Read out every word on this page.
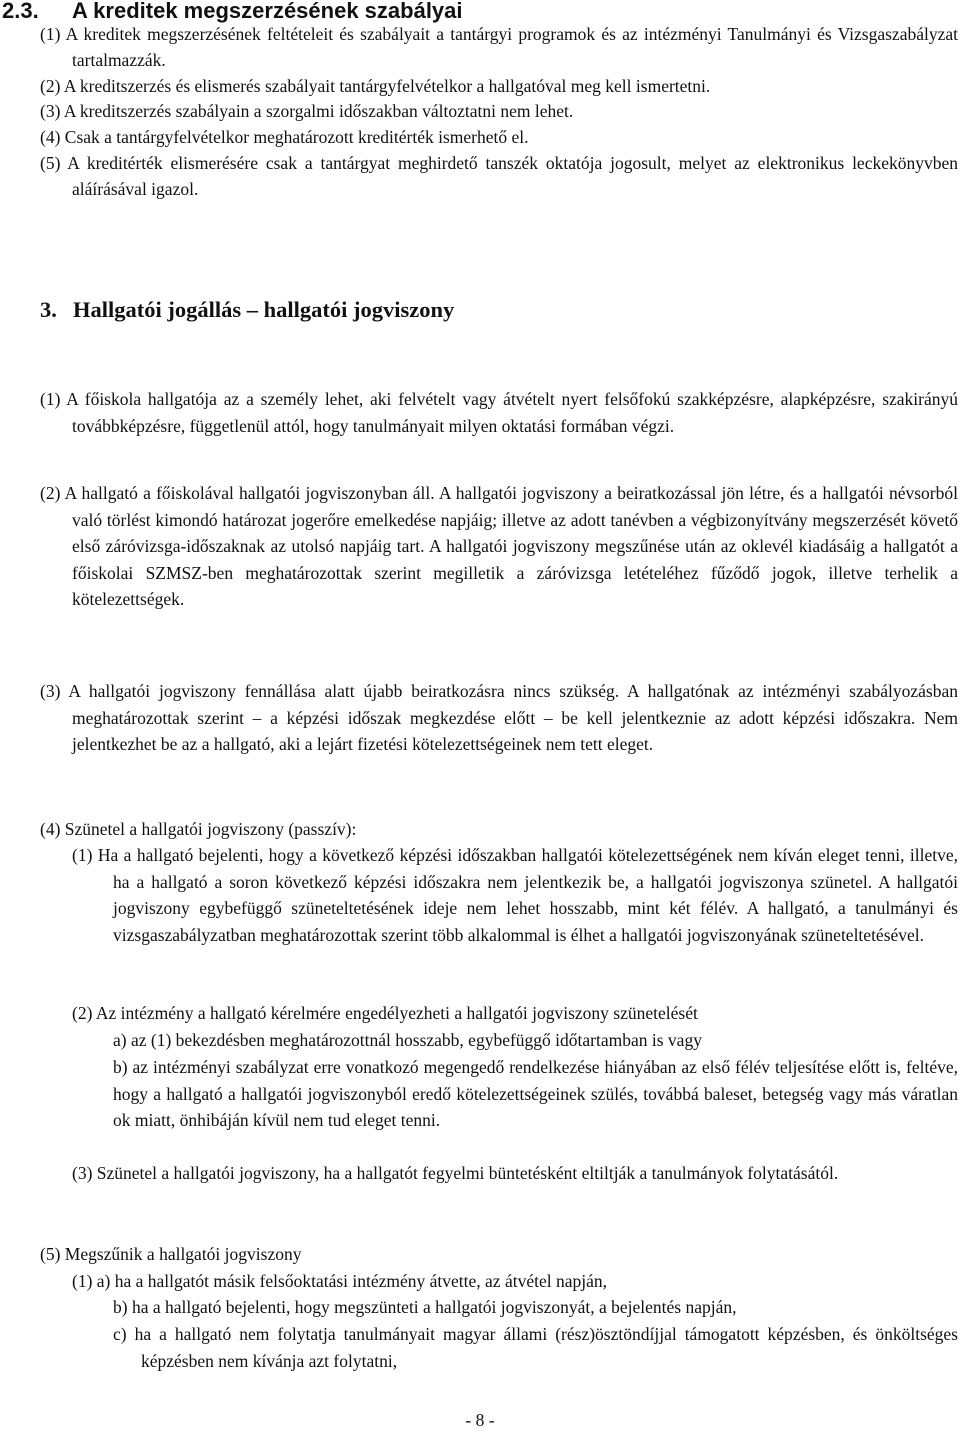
2.3. A kreditek megszerzésének szabályai

(1) A kreditek megszerzésének feltételeit és szabályait a tantárgyi programok és az intézményi Tanulmányi és Vizsgaszabályzat tartalmazzák.

(2) A kreditszerzés és elismerés szabályait tantárgyfelvételkor a hallgatóval meg kell ismertetni.

(3) A kreditszerzés szabályain a szorgalmi időszakban változtatni nem lehet.

(4) Csak a tantárgyfelvételkor meghatározott kreditérték ismerhető el.

(5) A kreditérték elismerésére csak a tantárgyat meghirdető tanszék oktatója jogosult, melyet az elektronikus leckekönyvben aláírásával igazol.

3. Hallgatói jogállás – hallgatói jogviszony

(1) A főiskola hallgatója az a személy lehet, aki felvételt vagy átvételt nyert felsőfokú szakképzésre, alapképzésre, szakirányú továbbképzésre, függetlenül attól, hogy tanulmányait milyen oktatási formában végzi.

(2) A hallgató a főiskolával hallgatói jogviszonyban áll. A hallgatói jogviszony a beiratkozással jön létre, és a hallgatói névsorból való törlést kimondó határozat jogerőre emelkedése napjáig; illetve az adott tanévben a végbizonyítvány megszerzését követő első záróvizsga-időszaknak az utolsó napjáig tart. A hallgatói jogviszony megszűnése után az oklevél kiadásáig a hallgatót a főiskolai SZMSZ-ben meghatározottak szerint megilletik a záróvizsga letételéhez fűződő jogok, illetve terhelik a kötelezettségek.

(3) A hallgatói jogviszony fennállása alatt újabb beiratkozásra nincs szükség. A hallgatónak az intézményi szabályozásban meghatározottak szerint – a képzési időszak megkezdése előtt – be kell jelentkeznie az adott képzési időszakra. Nem jelentkezhet be az a hallgató, aki a lejárt fizetési kötelezettségeinek nem tett eleget.

(4) Szünetel a hallgatói jogviszony (passzív):

(1) Ha a hallgató bejelenti, hogy a következő képzési időszakban hallgatói kötelezettségének nem kíván eleget tenni, illetve, ha a hallgató a soron következő képzési időszakra nem jelentkezik be, a hallgatói jogviszonya szünetel. A hallgatói jogviszony egybefüggő szüneteltetésének ideje nem lehet hosszabb, mint két félév. A hallgató, a tanulmányi és vizsgaszabályzatban meghatározottak szerint több alkalommal is élhet a hallgatói jogviszonyának szüneteltetésével.

(2) Az intézmény a hallgató kérelmére engedélyezheti a hallgatói jogviszony szünetelését

a) az (1) bekezdésben meghatározottnál hosszabb, egybefüggő időtartamban is vagy

b) az intézményi szabályzat erre vonatkozó megengedő rendelkezése hiányában az első félév teljesítése előtt is, feltéve, hogy a hallgató a hallgatói jogviszonyból eredő kötelezettségeinek szülés, továbbá baleset, betegség vagy más váratlan ok miatt, önhibáján kívül nem tud eleget tenni.

(3) Szünetel a hallgatói jogviszony, ha a hallgatót fegyelmi büntetésként eltiltják a tanulmányok folytatásától.

(5) Megszűnik a hallgatói jogviszony
(1) a) ha a hallgatót másik felsőoktatási intézmény átvette, az átvétel napján,
b) ha a hallgató bejelenti, hogy megszünteti a hallgatói jogviszonyát, a bejelentés napján,

c) ha a hallgató nem folytatja tanulmányait magyar állami (rész)ösztöndíjjal támogatott képzésben, és önköltséges képzésben nem kívánja azt folytatni,

- 8 -
